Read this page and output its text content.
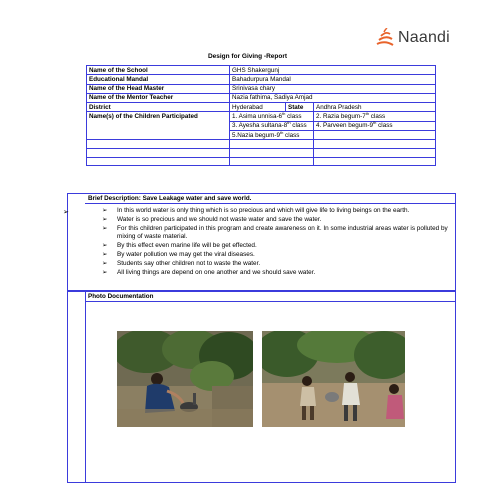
Naandi
Design for Giving -Report
Name of the School	GHS Shakergunj		
Educational Mandal	Bahadurpura Mandal		
Name of the Head Master	Srinivasa chary		
Name of the Mentor Teacher	Nazia fathima, Sadiya Amjad		
District	Hyderabad	State	Andhra Pradesh
Name(s) of the Children Participated	1. Asima unnisa-6th class		2. Razia begum-7th class
	3. Ayesha sultana-8th class		4. Parveen begum-9th class
	5.Nazia begum-9th class		

Brief Description: Save Leakage water and save world.
➢	➢ In this world water is only thing which is so precious and which will give life to living beings on the earth.
➢ Water is so precious and we should not waste water and save the water.
➢ For this children participated in this program and create awareness on it. In some industrial areas water is polluted by mixing of waste material.
➢ By this effect even marine life will be get effected.
➢ By water pollution we may get the viral diseases.
➢ Students say other children not to waste the water.
➢ All living things are depend on one another and we should save water.
Photo Documentation
